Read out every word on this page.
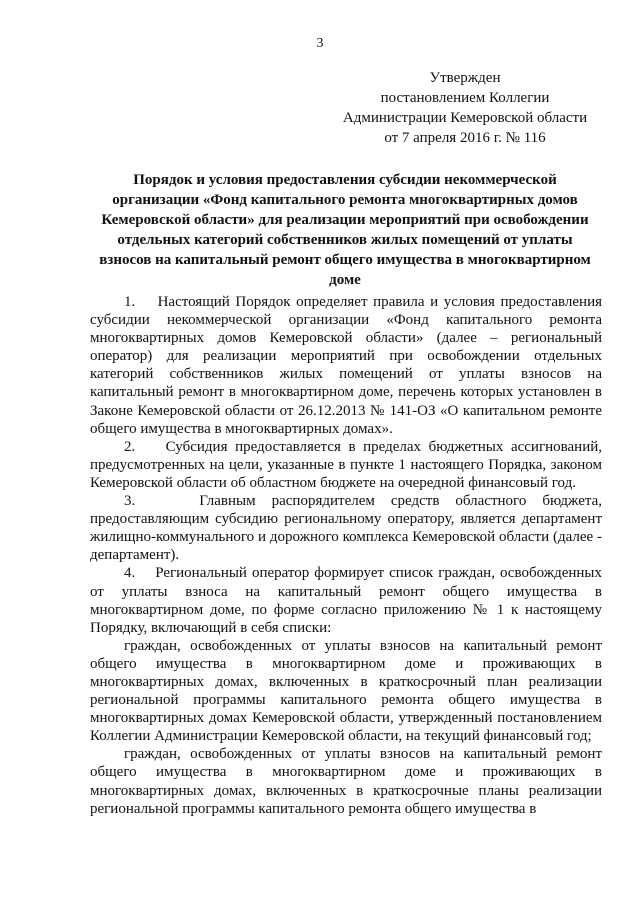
3
Утвержден
постановлением Коллегии
Администрации Кемеровской области
от 7 апреля 2016 г. № 116
Порядок и условия предоставления субсидии некоммерческой
организации «Фонд капитального ремонта многоквартирных домов
Кемеровской области» для реализации мероприятий при освобождении
отдельных категорий собственников жилых помещений от уплаты
взносов на капитальный ремонт общего имущества в многоквартирном
доме

1.    Настоящий Порядок определяет правила и условия предоставления субсидии некоммерческой организации «Фонд капитального ремонта многоквартирных домов Кемеровской области» (далее – региональный оператор) для реализации мероприятий при освобождении отдельных категорий собственников жилых помещений от уплаты взносов на капитальный ремонт в многоквартирном доме, перечень которых установлен в Законе Кемеровской области от 26.12.2013 № 141-ОЗ «О капитальном ремонте общего имущества в многоквартирных домах».

2.    Субсидия предоставляется в пределах бюджетных ассигнований, предусмотренных на цели, указанные в пункте 1 настоящего Порядка, законом Кемеровской области об областном бюджете на очередной финансовый год.

3.    Главным распорядителем средств областного бюджета, предоставляющим субсидию региональному оператору, является департамент жилищно-коммунального и дорожного комплекса Кемеровской области (далее - департамент).

4.    Региональный оператор формирует список граждан, освобожденных от уплаты взноса на капитальный ремонт общего имущества в многоквартирном доме, по форме согласно приложению № 1 к настоящему Порядку, включающий в себя списки:

граждан, освобожденных от уплаты взносов на капитальный ремонт общего имущества в многоквартирном доме и проживающих в многоквартирных домах, включенных в краткосрочный план реализации региональной программы капитального ремонта общего имущества в многоквартирных домах Кемеровской области, утвержденный постановлением Коллегии Администрации Кемеровской области, на текущий финансовый год;

граждан, освобожденных от уплаты взносов на капитальный ремонт общего имущества в многоквартирном доме и проживающих в многоквартирных домах, включенных в краткосрочные планы реализации региональной программы капитального ремонта общего имущества в
